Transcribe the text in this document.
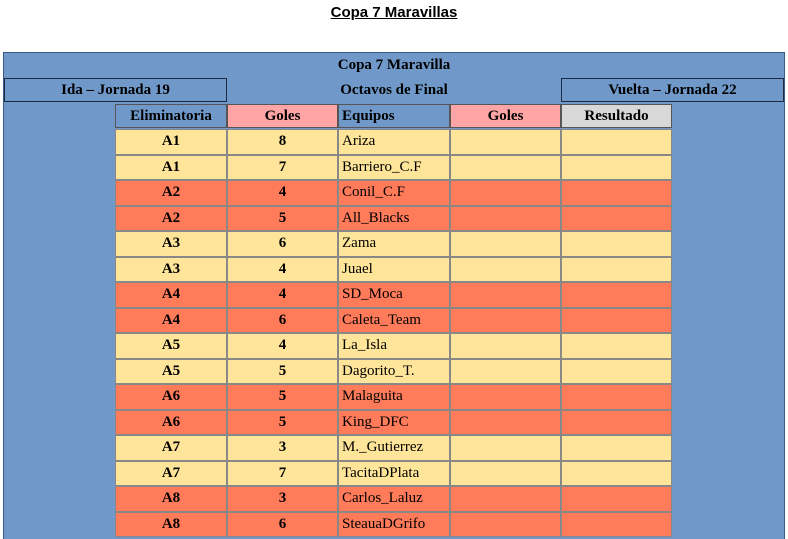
Copa 7 Maravillas
Copa 7 Maravilla
Ida – Jornada 19	Octavos de Final	Vuelta – Jornada 22
Eliminatoria	Goles	Equipos	Goles	Resultado
A1	8	Ariza
A1	7	Barriero_C.F
A2	4	Conil_C.F
A2	5	All_Blacks
A3	6	Zama
A3	4	Juael
A4	4	SD_Moca
A4	6	Caleta_Team
A5	4	La_Isla
A5	5	Dagorito_T.
A6	5	Malaguita
A6	5	King_DFC
A7	3	M._Gutierrez
A7	7	TacitaDPlata
A8	3	Carlos_Laluz
A8	6	SteauaDGrifo
